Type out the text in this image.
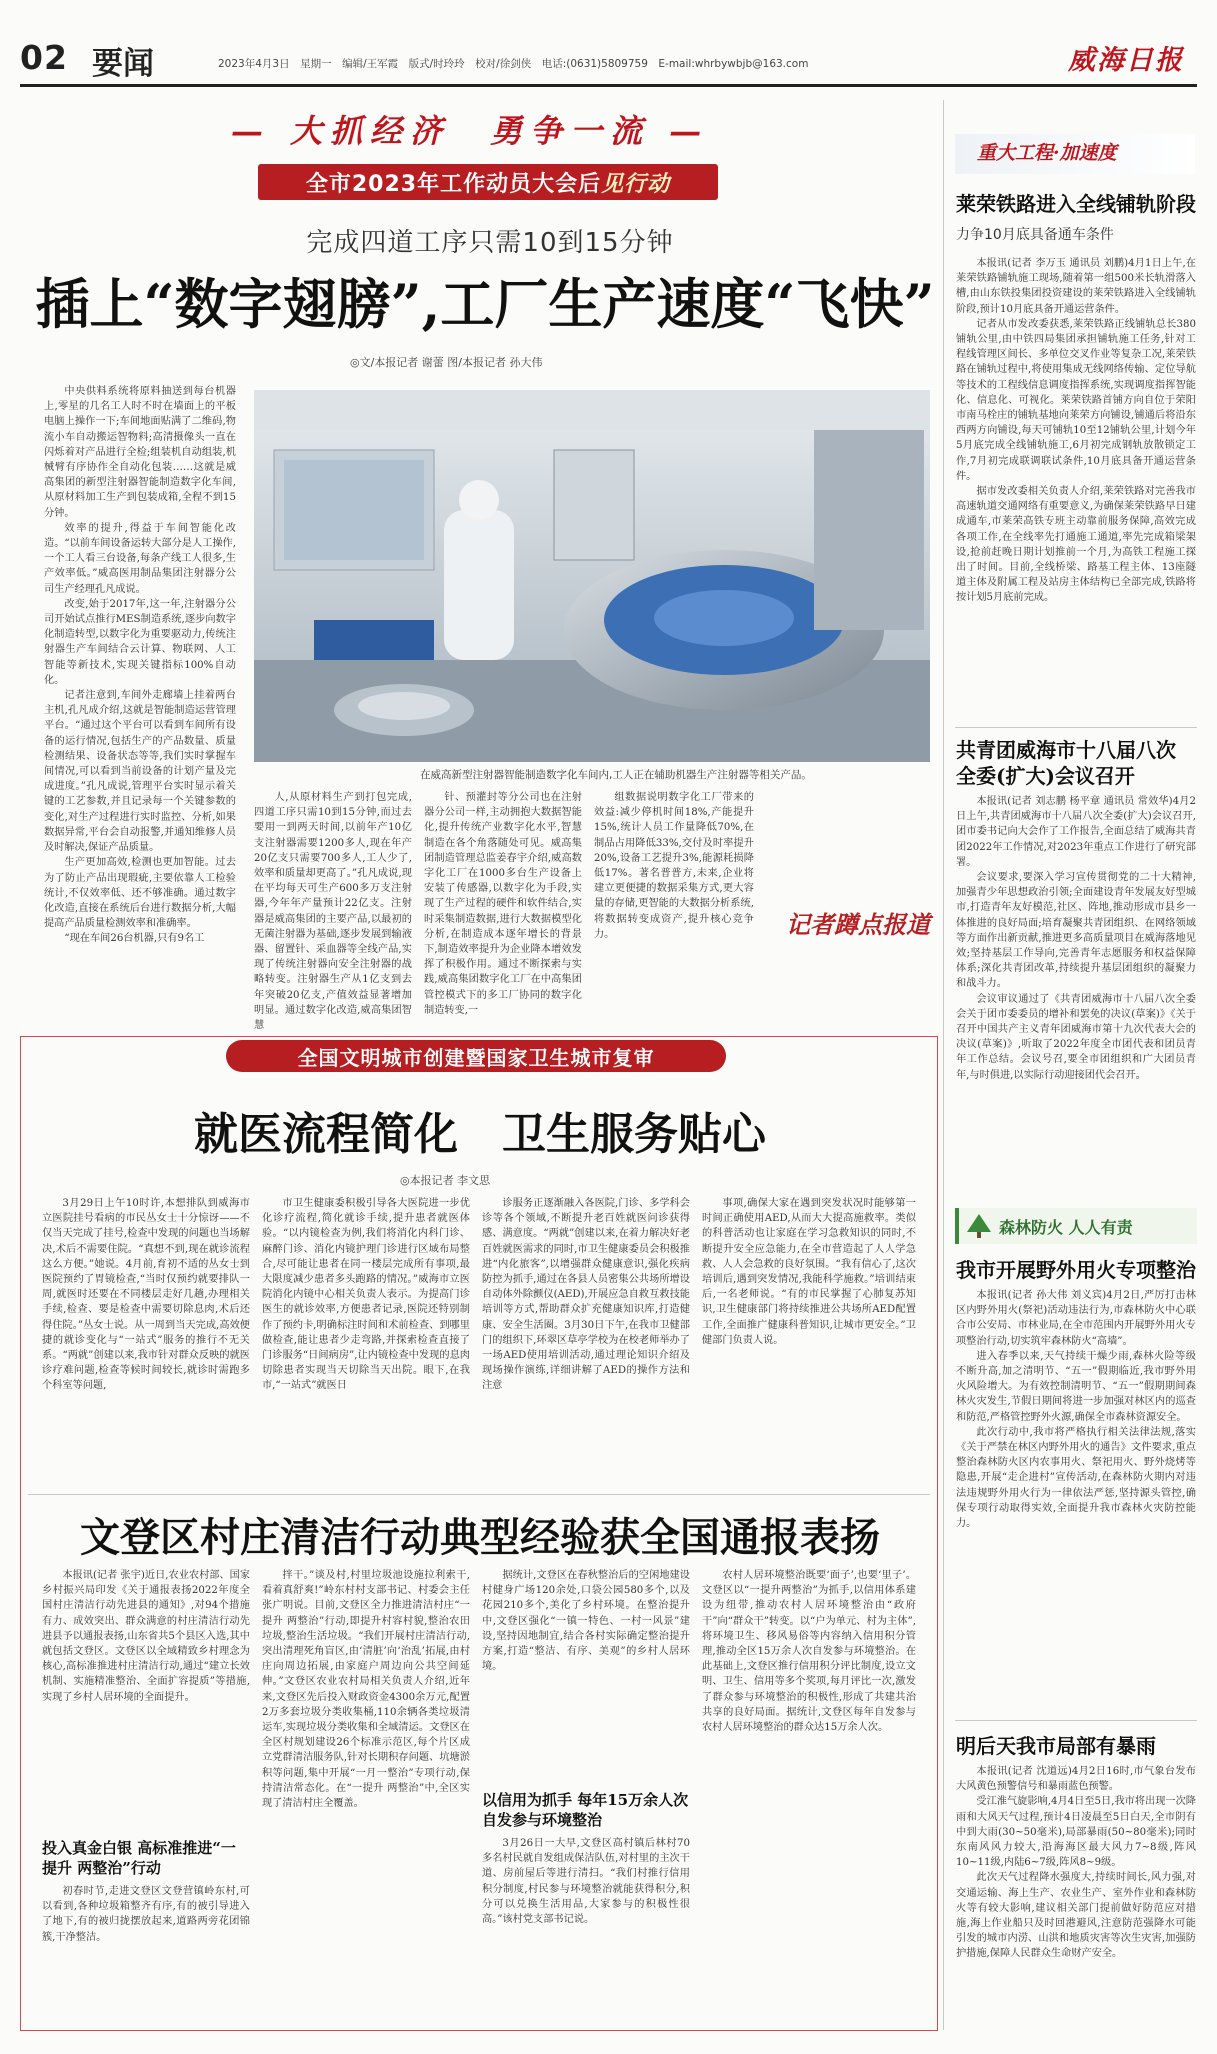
02 要闻	2023年4月3日　星期一　编辑/王军霞　版式/时玲玲　校对/徐剑侠　电话:(0631)5809759　E-mail:whrbywbjb@163.com	威海日报
— 大抓经济　勇争一流 —
全市2023年工作动员大会后 见行动
完成四道工序只需10到15分钟
插上“数字翅膀”,工厂生产速度“飞快”
◎文/本报记者 谢蕾 图/本报记者 孙大伟

中央供料系统将原料抽送到每台机器上,零星的几名工人时不时在墙面上的平板电脑上操作一下;车间地面贴满了二维码,物流小车自动搬运智物料;高清摄像头一直在闪烁着对产品进行全检;组装机自动组装,机械臂有序协作全自动化包装……这就是威高集团的新型注射器智能制造数字化车间,从原材料加工生产到包装成箱,全程不到15分钟。

效率的提升,得益于车间智能化改造。“以前车间设备运转大部分是人工操作,一个工人看三台设备,每条产线工人很多,生产效率低。”威高医用制品集团注射器分公司生产经理孔凡成说。

改变,始于2017年,这一年,注射器分公司开始试点推行MES制造系统,逐步向数字化制造转型,以数字化为重要驱动力,传统注射器生产车间结合云计算、物联网、人工智能等新技术,实现关键指标100%自动化。

记者注意到,车间外走廊墙上挂着两台主机,孔凡成介绍,这就是智能制造运营管理平台。“通过这个平台可以看到车间所有设备的运行情况,包括生产的产品数量、质量检测结果、设备状态等等,我们实时掌握车间情况,可以看到当前设备的计划产量及完成进度。”孔凡成说,管理平台实时显示着关键的工艺参数,并且记录每一个关键参数的变化,对生产过程进行实时监控、分析,如果数据异常,平台会自动报警,并通知维修人员及时解决,保证产品质量。

生产更加高效,检测也更加智能。过去为了防止产品出现瑕疵,主要依靠人工检验统计,不仅效率低、还不够准确。通过数字化改造,直接在系统后台进行数据分析,大幅提高产品质量检测效率和准确率。

“现在车间26台机器,只有9名工

在威高新型注射器智能制造数字化车间内,工人正在辅助机器生产注射器等相关产品。

人,从原材料生产到打包完成,四道工序只需10到15分钟,而过去要用一到两天时间,以前年产10亿支注射器需要1200多人,现在年产20亿支只需要700多人,工人少了,效率和质量却更高了。”孔凡成说,现在平均每天可生产600多万支注射器,今年年产量预计22亿支。注射器是威高集团的主要产品,以最初的无菌注射器为基础,逐步发展到输液器、留置针、采血器等全线产品,实现了传统注射器向安全注射器的战略转变。注射器生产从1亿支到去年突破20亿支,产值效益显著增加明显。通过数字化改造,威高集团智慧

针、预灌封等分公司也在注射器分公司一样,主动拥抱大数据智能化,提升传统产业数字化水平,智慧制造在各个角落随处可见。威高集团制造管理总监姜春宇介绍,威高数字化工厂在1000多台生产设备上安装了传感器,以数字化为手段,实现了生产过程的硬件和软件结合,实时采集制造数据,进行大数据模型化分析,在制造成本逐年增长的背景下,制造效率提升为企业降本增效发挥了积极作用。通过不断探索与实践,威高集团数字化工厂在中高集团管控模式下的多工厂协同的数字化制造转变,一

组数据说明数字化工厂带来的效益:减少停机时间18%,产能提升15%,统计人员工作量降低70%,在制品占用降低33%,交付及时率提升20%,设备工艺提升3%,能源耗损降低17%。著名普普方,未来,企业将建立更便捷的数据采集方式,更大容量的存储,更智能的大数据分析系统,将数据转变成资产,提升核心竞争力。	记者蹲点报道
重大工程·加速度
莱荣铁路进入全线铺轨阶段
力争10月底具备通车条件

本报讯(记者 李万玉 通讯员 刘鹏)4月1日上午,在莱荣铁路铺轨施工现场,随着第一组500米长轨滑落入槽,由山东铁投集团投资建设的莱荣铁路进入全线铺轨阶段,预计10月底具备开通运营条件。

记者从市发改委获悉,莱荣铁路正线铺轨总长380铺轨公里,由中铁四局集团承担铺轨施工任务,针对工程线管理区间长、多单位交叉作业等复杂工况,莱荣铁路在铺轨过程中,将使用集成无线网络传输、定位导航等技术的工程线信息调度指挥系统,实现调度指挥智能化、信息化、可视化。莱荣铁路首铺方向自位于荣阳市南马栓庄的铺轨基地向莱荣方向铺设,铺通后将沿东西两方向铺设,每天可铺轨10至12铺轨公里,计划今年5月底完成全线铺轨施工,6月初完成钢轨放散锁定工作,7月初完成联调联试条件,10月底具备开通运营条件。

据市发改委相关负责人介绍,莱荣铁路对完善我市高速轨道交通网络有重要意义,为确保莱荣铁路早日建成通车,市莱荣高铁专班主动靠前服务保障,高效完成各项工作,在全线率先打通施工通道,率先完成箱梁架设,抢前赶晚日期计划推前一个月,为高铁工程施工探出了时间。目前,全线桥梁、路基工程主体、13座隧道主体及附属工程及站房主体结构已全部完成,铁路将按计划5月底前完成。

共青团威海市十八届八次
全委(扩大)会议召开

本报讯(记者 刘志鹏 杨平章 通讯员 常效华)4月2日上午,共青团威海市十八届八次全委(扩大)会议召开,团市委书记向大会作了工作报告,全面总结了威海共青团2022年工作情况,对2023年重点工作进行了研究部署。

会议要求,要深入学习宣传贯彻党的二十大精神,加强青少年思想政治引领;全面建设青年发展友好型城市,打造青年友好模范,社区、阵地,推动形成市县乡一体推进的良好局面;培育凝聚共青团组织、在网络领域等方面作出新贡献,推进更多高质量项目在威海落地见效;坚持基层工作导向,完善青年志愿服务和权益保障体系;深化共青团改革,持续提升基层团组织的凝聚力和战斗力。

会议审议通过了《共青团威海市十八届八次全委会关于团市委委员的增补和罢免的决议(草案)》《关于召开中国共产主义青年团威海市第十九次代表大会的决议(草案)》,听取了2022年度全市团代表和团员青年工作总结。会议号召,要全市团组织和广大团员青年,与时俱进,以实际行动迎接团代会召开。

森林防火 人人有责
我市开展野外用火专项整治

本报讯(记者 孙大伟 刘义宾)4月2日,严厉打击林区内野外用火(祭祀)活动违法行为,市森林防火中心联合市公安局、市林业局,在全市范围内开展野外用火专项整治行动,切实筑牢森林防火“高墙”。

进入春季以来,天气持续干燥少雨,森林火险等级不断升高,加之清明节、“五一”假期临近,我市野外用火风险增大。为有效控制清明节、“五一”假期期间森林火灾发生,节假日期间将进一步加强对林区内的巡查和防范,严格管控野外火源,确保全市森林资源安全。

此次行动中,我市将严格执行相关法律法规,落实《关于严禁在林区内野外用火的通告》文件要求,重点整治森林防火区内农事用火、祭祀用火、野外烧烤等隐患,开展“走企进村”宣传活动,在森林防火期内对违法违规野外用火行为一律依法严惩,坚持源头管控,确保专项行动取得实效,全面提升我市森林火灾防控能力。

明后天我市局部有暴雨

本报讯(记者 沈道远)4月2日16时,市气象台发布大风黄色预警信号和暴雨蓝色预警。

受江淮气旋影响,4月4日至5日,我市将出现一次降雨和大风天气过程,预计4日凌晨至5日白天,全市阴有中到大雨(30~50毫米),局部暴雨(50~80毫米);同时东南风风力较大,沿海海区最大风力7~8级,阵风10~11级,内陆6~7级,阵风8~9级。

此次天气过程降水强度大,持续时间长,风力强,对交通运输、海上生产、农业生产、室外作业和森林防火等有较大影响,建议相关部门提前做好防范应对措施,海上作业船只及时回港避风,注意防范强降水可能引发的城市内涝、山洪和地质灾害等次生灾害,加强防护措施,保障人民群众生命财产安全。

全国文明城市创建暨国家卫生城市复审
就医流程简化　卫生服务贴心
◎本报记者 李文思

3月29日上午10时许,本想排队到威海市立医院挂号看病的市民丛女士十分惊讶——不仅当天完成了挂号,检查中发现的问题也当场解决,术后不需要住院。“真想不到,现在就诊流程这么方便。”她说。4月前,育初不适的丛女士到医院预约了胃镜检查,“当时仅预约就要排队一周,就医时还要在不同楼层走好几趟,办理相关手续,检查、要是检查中需要切除息肉,术后还得住院。”丛女士说。从一周到当天完成,高效便捷的就诊变化与“一站式”服务的推行不无关系。“两就”创建以来,我市针对群众反映的就医诊疗难问题,检查等候时间较长,就诊时需跑多个科室等问题,

市卫生健康委积极引导各大医院进一步优化诊疗流程,简化就诊手续,提升患者就医体验。“以内镜检查为例,我们将消化内科门诊、麻醉门诊、消化内镜护理门诊进行区域布局整合,尽可能让患者在同一楼层完成所有事项,最大限度减少患者多头跑路的情况。”威海市立医院消化内镜中心相关负责人表示。为提高门诊医生的就诊效率,方便患者记录,医院还特别制作了预约卡,明确标注时间和术前检查、到哪里做检查,能让患者少走弯路,并探索检查直接了门诊服务“日间病房”,让内镜检查中发现的息肉切除患者实现当天切除当天出院。眼下,在我市,“一站式”就医日

诊服务正逐渐融入各医院,门诊、多学科会诊等各个领域,不断提升老百姓就医问诊获得感、满意度。“两就”创建以来,在着力解决好老百姓就医需求的同时,市卫生健康委员会积极推进“内化旅客”,以增强群众健康意识,强化疾病防控为抓手,通过在各县人员密集公共场所增设自动体外除颤仪(AED),开展应急自救互救技能培训等方式,帮助群众扩充健康知识库,打造健康、安全生活圈。3月30日下午,在我市卫健部门的组织下,环翠区草亭学校为在校老师举办了一场AED使用培训活动,通过理论知识介绍及现场操作演练,详细讲解了AED的操作方法和注意

事项,确保大家在遇到突发状况时能够第一时间正确使用AED,从而大大提高施救率。类似的科普活动也让家庭在学习急救知识的同时,不断提升安全应急能力,在全市营造起了人人学急救、人人会急救的良好氛围。“我有信心了,这次培训后,遇到突发情况,我能科学施救。”培训结束后,一名老师说。“有的市民掌握了心肺复苏知识,卫生健康部门将持续推进公共场所AED配置工作,全面推广健康科普知识,让城市更安全。”卫健部门负责人说。

文登区村庄清洁行动典型经验获全国通报表扬

本报讯(记者 张宇)近日,农业农村部、国家乡村振兴局印发《关于通报表扬2022年度全国村庄清洁行动先进县的通知》,对94个措施有力、成效突出、群众满意的村庄清洁行动先进县予以通报表扬,山东省共5个县区入选,其中就包括文登区。文登区以全域精致乡村理念为核心,高标准推进村庄清洁行动,通过“建立长效机制、实施精准整治、全面扩容提质”等措施,实现了乡村人居环境的全面提升。

投入真金白银 高标准推进“一提升 两整治”行动

初春时节,走进文登区文登营镇岭东村,可以看到,各种垃圾箱整齐有序,有的被引导进入了地下,有的被归拢摆放起来,道路两旁花团锦簇,干净整洁。

拌干。”谈及村,村里垃圾池设施拉利索干,看着真舒爽!”岭东村村支部书记、村委会主任张广明说。目前,文登区全力推进清洁村庄“一提升 两整治”行动,即提升村容村貌,整治农田垃圾,整治生活垃圾。“我们开展村庄清洁行动,突出清理死角盲区,由‘清脏’向‘治乱’拓展,由村庄向周边拓展,由家庭户周边向公共空间延伸。”文登区农业农村局相关负责人介绍,近年来,文登区先后投入财政资金4300余万元,配置2万多套垃圾分类收集桶,110余辆各类垃圾清运车,实现垃圾分类收集和全域清运。文登区在全区村规划建设26个标准示范区,每个片区成立党群清洁服务队,针对长期积存问题、坑塘淤积等问题,集中开展“一月一整治”专项行动,保持清洁常态化。在“一提升 两整治”中,全区实现了清洁村庄全覆盖。

据统计,文登区在春秋整治后的空闲地建设村健身广场120余处,口袋公园580多个,以及花园210多个,美化了乡村环境。在整治提升中,文登区强化“一镇一特色、一村一风景”建设,坚持因地制宜,结合各村实际确定整治提升方案,打造“整洁、有序、美观”的乡村人居环境。

以信用为抓手 每年15万余人次自发参与环境整治

3月26日一大早,文登区高村镇后林村70多名村民就自发组成保洁队伍,对村里的主次干道、房前屋后等进行清扫。“我们村推行信用积分制度,村民参与环境整治就能获得积分,积分可以兑换生活用品,大家参与的积极性很高。”该村党支部书记说。

农村人居环境整治既要‘面子’,也要‘里子’。文登区以“一提升两整治”为抓手,以信用体系建设为纽带,推动农村人居环境整治由“政府干”向“群众干”转变。以“户为单元、村为主体”,将环境卫生、移风易俗等内容纳入信用积分管理,推动全区15万余人次自发参与环境整治。在此基础上,文登区推行信用积分评比制度,设立文明、卫生、信用等多个奖项,每月评比一次,激发了群众参与环境整治的积极性,形成了共建共治共享的良好局面。据统计,文登区每年自发参与农村人居环境整治的群众达15万余人次。
